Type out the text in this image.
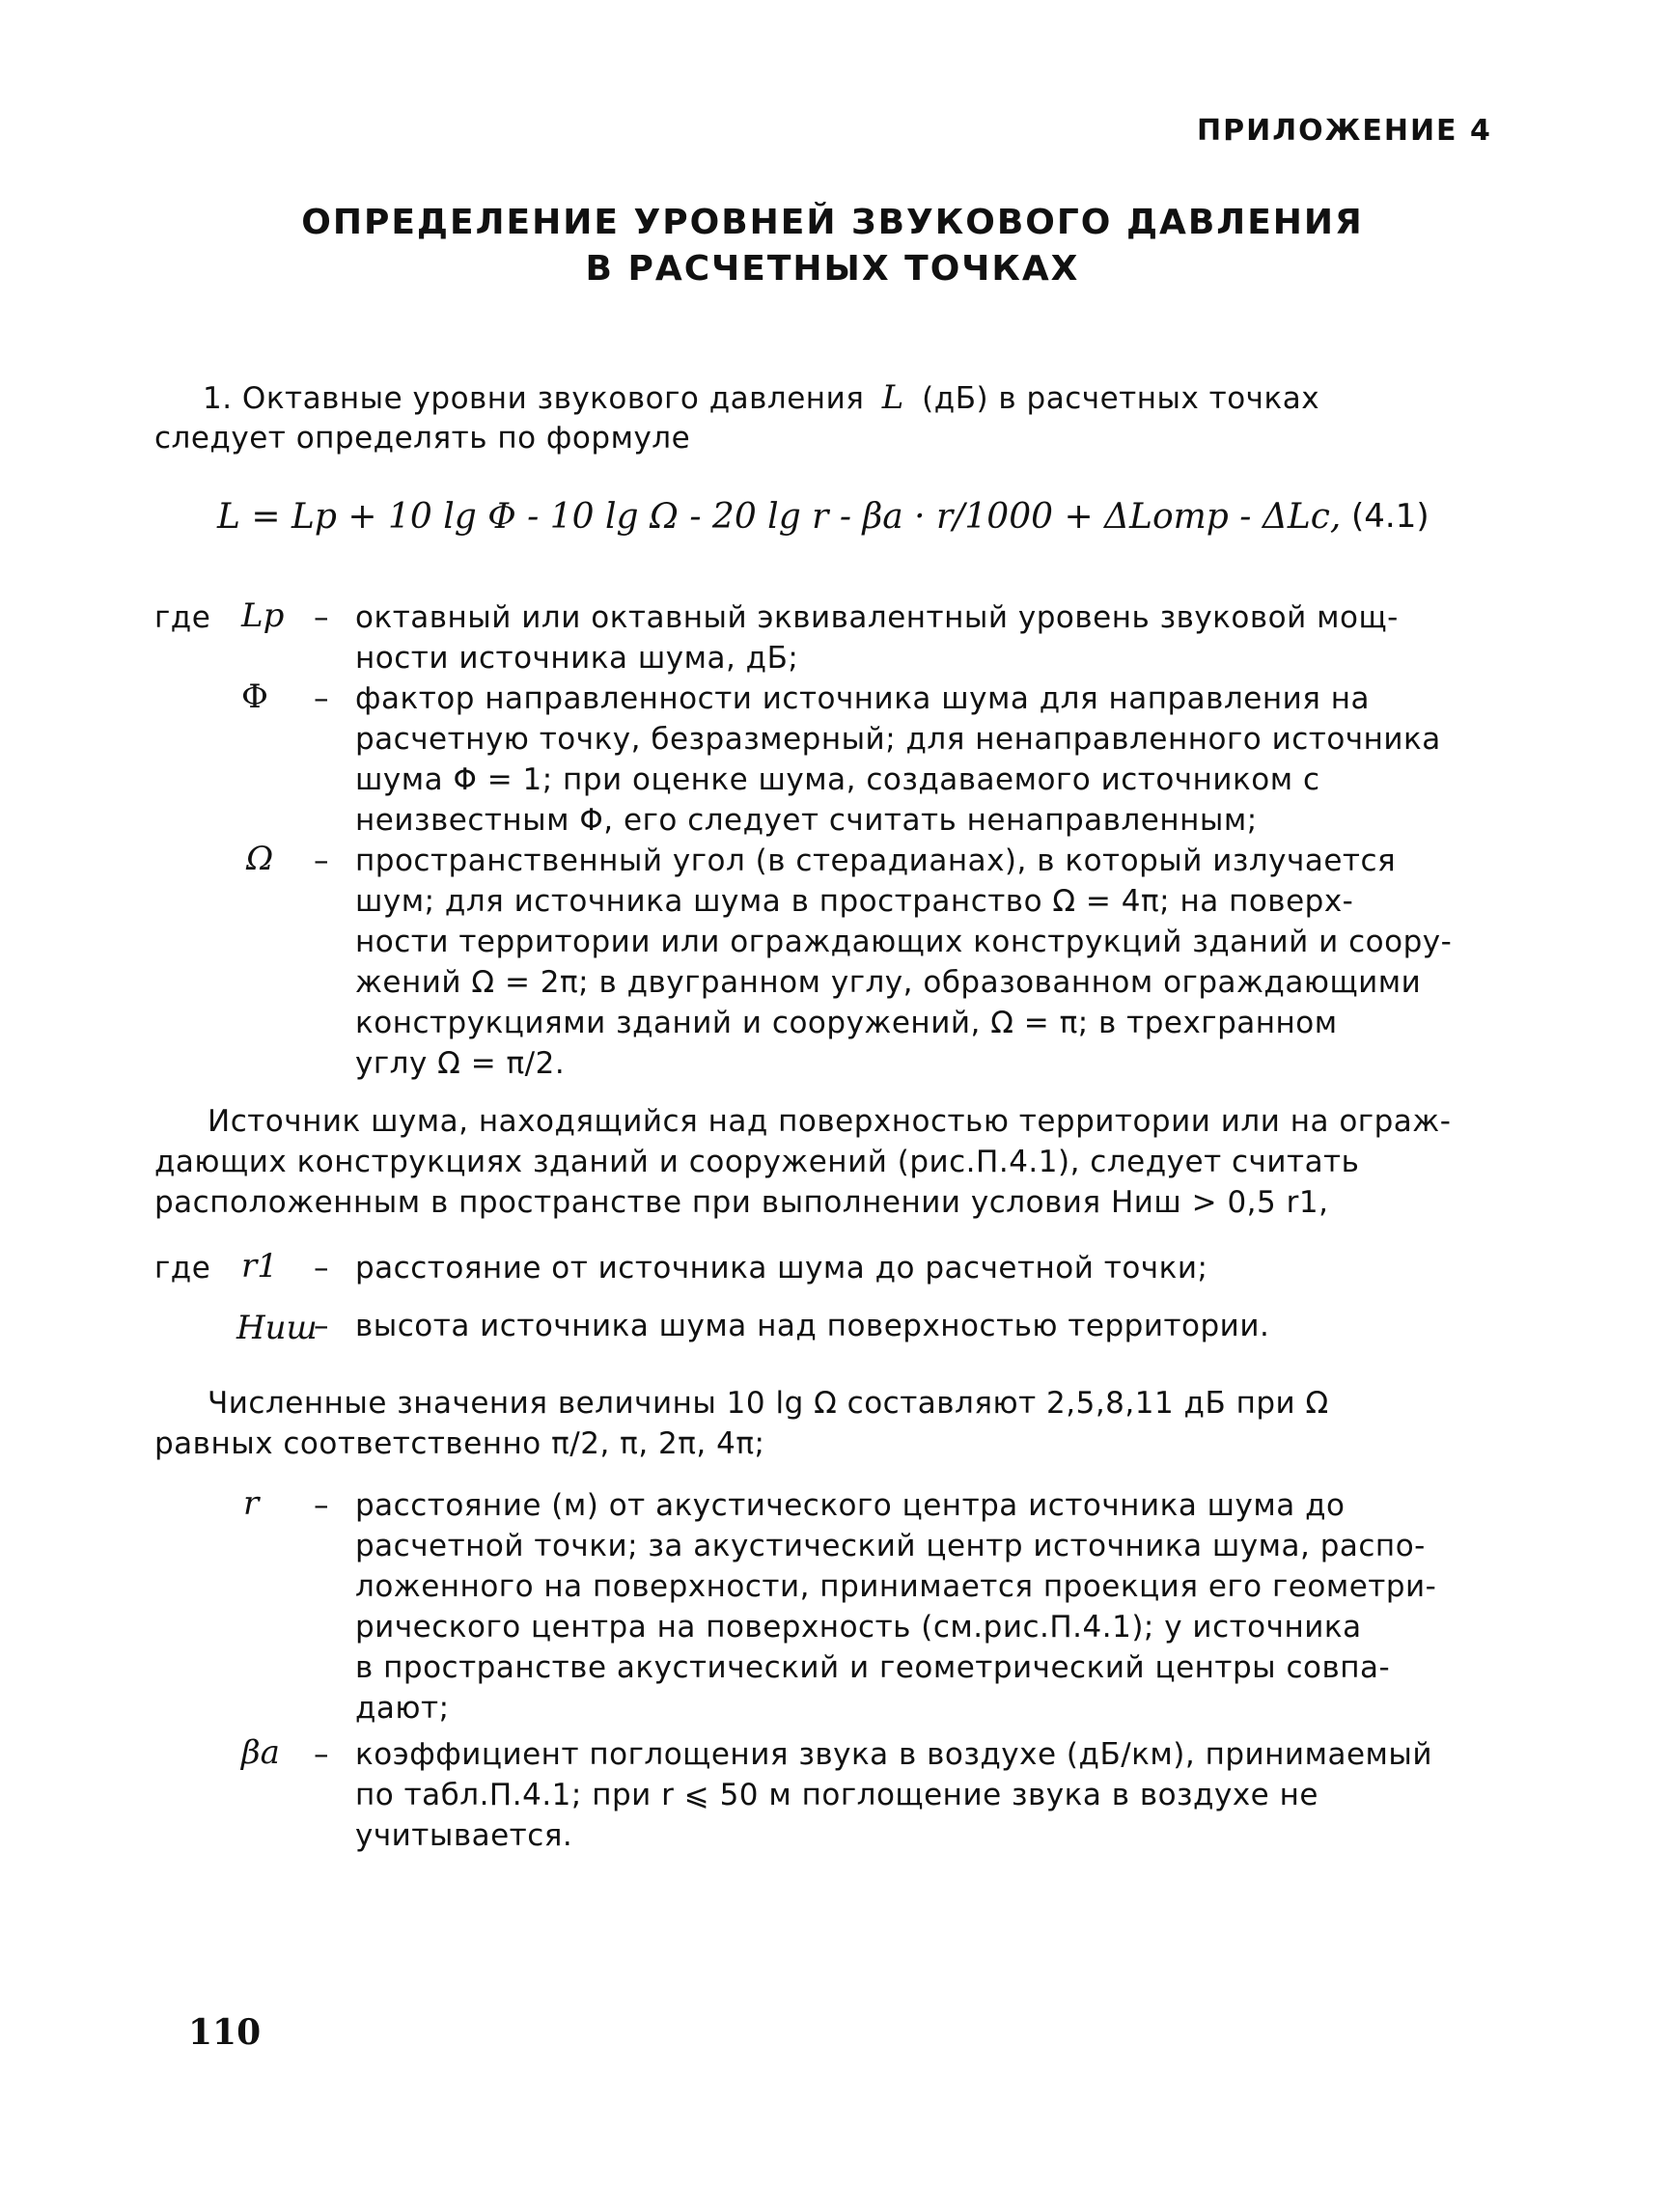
ПРИЛОЖЕНИЕ 4
ОПРЕДЕЛЕНИЕ УРОВНЕЙ ЗВУКОВОГО ДАВЛЕНИЯ
В РАСЧЕТНЫХ ТОЧКАХ
1. Октавные уровни звукового давления L (дБ) в расчетных точках
следует определять по формуле
L = Lp + 10 lg Φ - 10 lg Ω - 20 lg r - βa · r/1000 + ΔLотр - ΔLс, (4.1)
где Lp – октавный или октавный эквивалентный уровень звуковой мощ-
ности источника шума, дБ;
Φ – фактор направленности источника шума для направления на
расчетную точку, безразмерный; для ненаправленного источника
шума Φ = 1; при оценке шума, создаваемого источником с
неизвестным Φ, его следует считать ненаправленным;
Ω – пространственный угол (в стерадианах), в который излучается
шум; для источника шума в пространство Ω = 4π; на поверх-
ности территории или ограждающих конструкций зданий и соору-
жений Ω = 2π; в двугранном углу, образованном ограждающими
конструкциями зданий и сооружений, Ω = π; в трехгранном
углу Ω = π/2.
Источник шума, находящийся над поверхностью территории или на ограж-
дающих конструкциях зданий и сооружений (рис.П.4.1), следует считать
расположенным в пространстве при выполнении условия Hиш > 0,5 r1,
где r1 – расстояние от источника шума до расчетной точки;
Hиш
– высота источника шума над поверхностью территории.
Численные значения величины 10 lg Ω составляют 2,5,8,11 дБ при Ω
равных соответственно π/2, π, 2π, 4π;
r – расстояние (м) от акустического центра источника шума до
расчетной точки; за акустический центр источника шума, распо-
ложенного на поверхности, принимается проекция его геометри-
рического центра на поверхность (см.рис.П.4.1); у источника
в пространстве акустический и геометрический центры совпа-
дают;
βa – коэффициент поглощения звука в воздухе (дБ/км), принимаемый
по табл.П.4.1; при r ⩽ 50 м поглощение звука в воздухе не
учитывается.
110
